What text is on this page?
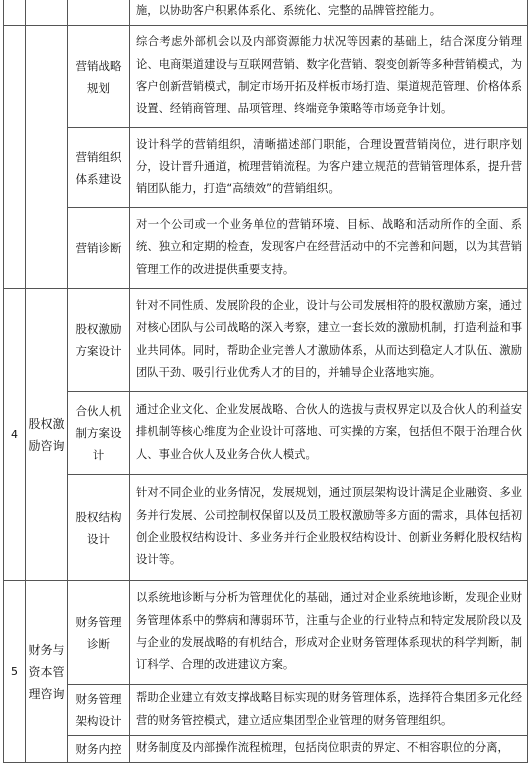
			施，以协助客户积累体系化、系统化、完整的品牌管控能力。
		营销战略规划	综合考虑外部机会以及内部资源能力状况等因素的基础上，结合深度分销理论、电商渠道建设与互联网营销、数字化营销、裂变创新等多种营销模式，为客户创新营销模式，制定市场开拓及样板市场打造、渠道规范管理、价格体系设置、经销商管理、品项管理、终端竞争策略等市场竞争计划。
		营销组织体系建设	设计科学的营销组织，清晰描述部门职能，合理设置营销岗位，进行职序划分，设计晋升通道，梳理营销流程。为客户建立规范的营销管理体系，提升营销团队能力，打造“高绩效”的营销组织。
		营销诊断	对一个公司或一个业务单位的营销环境、目标、战略和活动所作的全面、系统、独立和定期的检查，发现客户在经营活动中的不完善和问题，以为其营销管理工作的改进提供重要支持。
4	股权激励咨询	股权激励方案设计	针对不同性质、发展阶段的企业，设计与公司发展相符的股权激励方案，通过对核心团队与公司战略的深入考察，建立一套长效的激励机制，打造利益和事业共同体。同时，帮助企业完善人才激励体系，从而达到稳定人才队伍、激励团队干劲、吸引行业优秀人才的目的，并辅导企业落地实施。
		合伙人机制方案设计	通过企业文化、企业发展战略、合伙人的选拔与责权界定以及合伙人的利益安排机制等核心维度为企业设计可落地、可实操的方案，包括但不限于治理合伙人、事业合伙人及业务合伙人模式。
		股权结构设计	针对不同企业的业务情况，发展规划，通过顶层架构设计满足企业融资、多业务并行发展、公司控制权保留以及员工股权激励等多方面的需求，具体包括初创企业股权结构设计、多业务并行企业股权结构设计、创新业务孵化股权结构设计等。
5	财务与资本管理咨询	财务管理诊断	以系统地诊断与分析为管理优化的基础，通过对企业系统地诊断，发现企业财务管理体系中的弊病和薄弱环节，注重与企业的行业特点和特定发展阶段以及与企业的发展战略的有机结合，形成对企业财务管理体系现状的科学判断，制订科学、合理的改进建议方案。
		财务管理架构设计	帮助企业建立有效支撑战略目标实现的财务管理体系，选择符合集团多元化经营的财务管控模式，建立适应集团型企业管理的财务管理组织。
		财务内控	财务制度及内部操作流程梳理，包括岗位职责的界定、不相容职位的分离，
